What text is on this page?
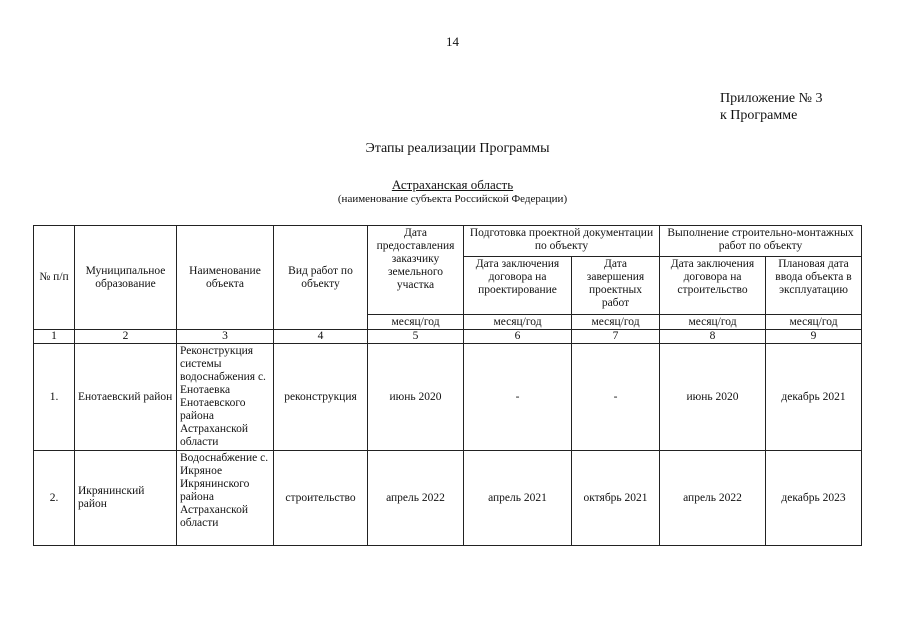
14
Приложение № 3
к Программе
Этапы реализации Программы
Астраханская область
(наименование субъекта Российской Федерации)
№ п/п	Муниципальное образование	Наименование объекта	Вид работ по объекту	Дата предоставления заказчику земельного участка	Подготовка проектной документации по объекту		Выполнение строительно-монтажных работ по объекту	
					Дата заключения договора на проектирование	Дата завершения проектных работ	Дата заключения договора на строительство	Плановая дата ввода объекта в эксплуатацию
				месяц/год	месяц/год	месяц/год	месяц/год	месяц/год
1	2	3	4	5	6	7	8	9
1.	Енотаевский район	Реконструкция системы водоснабжения с. Енотаевка Енотаевского района Астраханской области	реконструкция	июнь 2020	-	-	июнь 2020	декабрь 2021
2.	Икрянинский район	Водоснабжение с. Икряное Икрянинского района Астраханской области	строительство	апрель 2022	апрель 2021	октябрь 2021	апрель 2022	декабрь 2023
